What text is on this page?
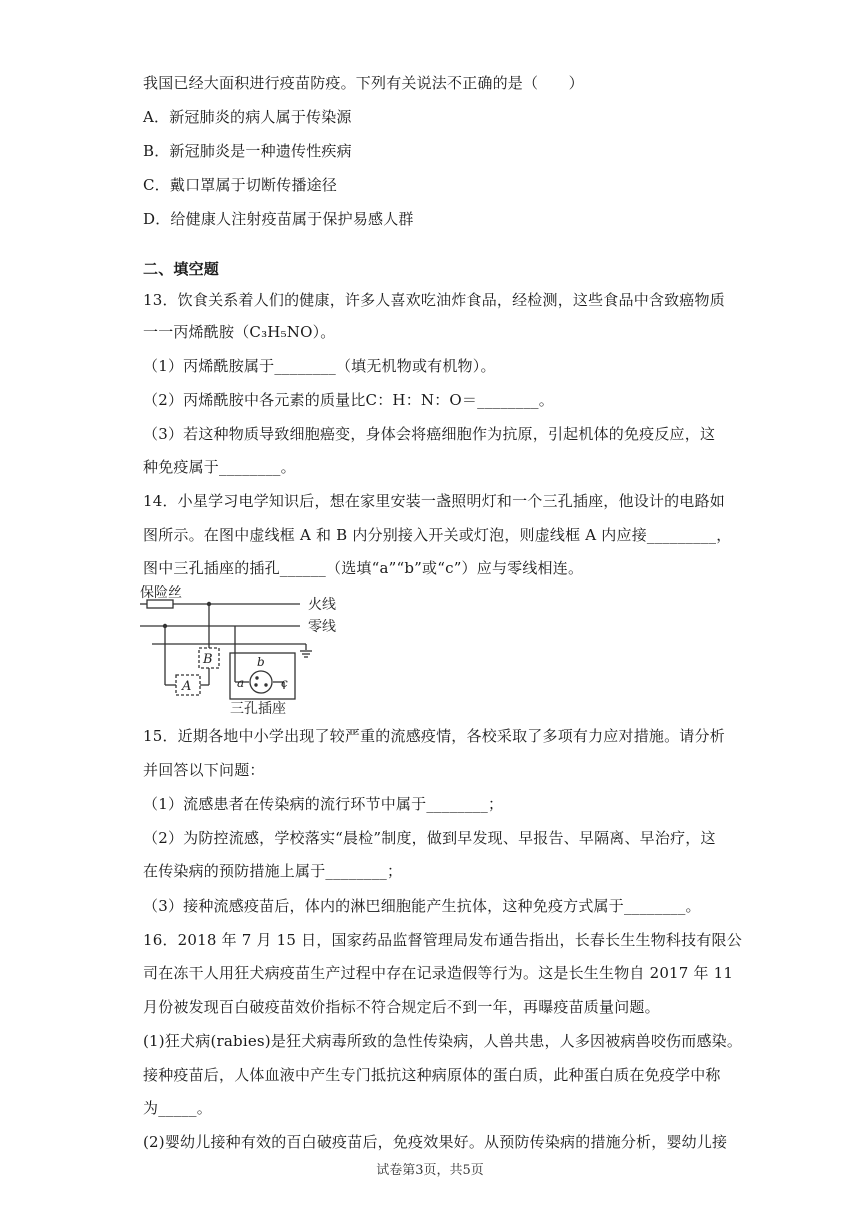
我国已经大面积进行疫苗防疫。下列有关说法不正确的是（　　）
A．新冠肺炎的病人属于传染源
B．新冠肺炎是一种遗传性疾病
C．戴口罩属于切断传播途径
D．给健康人注射疫苗属于保护易感人群
二、填空题
13．饮食关系着人们的健康，许多人喜欢吃油炸食品，经检测，这些食品中含致癌物质
一一丙烯酰胺（C₃H₅NO）。
（1）丙烯酰胺属于________（填无机物或有机物）。
（2）丙烯酰胺中各元素的质量比C：H：N：O＝________。
（3）若这种物质导致细胞癌变，身体会将癌细胞作为抗原，引起机体的免疫反应，这
种免疫属于________。
14．小星学习电学知识后，想在家里安装一盏照明灯和一个三孔插座，他设计的电路如
图所示。在图中虚线框 A 和 B 内分别接入开关或灯泡，则虚线框 A 内应接_________，
图中三孔插座的插孔______（选填“a”“b”或“c”）应与零线相连。
保险丝
火线
零线
A
B	b
a	c
三孔插座
15．近期各地中小学出现了较严重的流感疫情，各校采取了多项有力应对措施。请分析
并回答以下问题：
（1）流感患者在传染病的流行环节中属于________；
（2）为防控流感，学校落实“晨检”制度，做到早发现、早报告、早隔离、早治疗，这
在传染病的预防措施上属于________；
（3）接种流感疫苗后，体内的淋巴细胞能产生抗体，这种免疫方式属于________。
16．2018 年 7 月 15 日，国家药品监督管理局发布通告指出，长春长生生物科技有限公
司在冻干人用狂犬病疫苗生产过程中存在记录造假等行为。这是长生生物自 2017 年 11
月份被发现百白破疫苗效价指标不符合规定后不到一年，再曝疫苗质量问题。
(1)狂犬病(rabies)是狂犬病毒所致的急性传染病，人兽共患，人多因被病兽咬伤而感染。
接种疫苗后，人体血液中产生专门抵抗这种病原体的蛋白质，此种蛋白质在免疫学中称
为_____。
(2)婴幼儿接种有效的百白破疫苗后，免疫效果好。从预防传染病的措施分析，婴幼儿接
试卷第3页，共5页
